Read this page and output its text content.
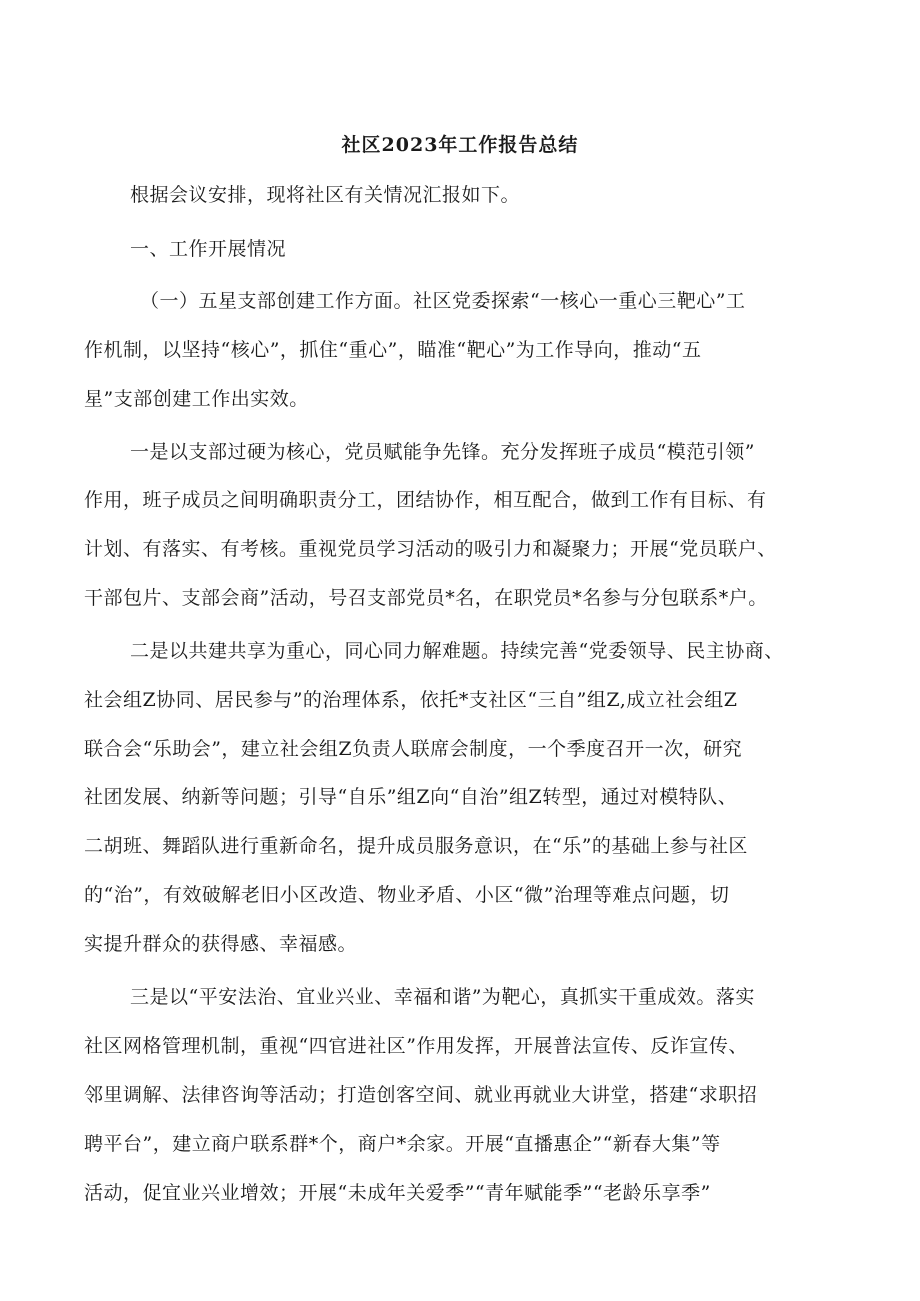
社区2023年工作报告总结
根据会议安排，现将社区有关情况汇报如下。
一、工作开展情况
（一）五星支部创建工作方面。社区党委探索“一核心一重心三靶心”工
作机制，以坚持“核心”，抓住“重心”，瞄准“靶心”为工作导向，推动“五
星”支部创建工作出实效。
一是以支部过硬为核心，党员赋能争先锋。充分发挥班子成员“模范引领”
作用，班子成员之间明确职责分工，团结协作，相互配合，做到工作有目标、有
计划、有落实、有考核。重视党员学习活动的吸引力和凝聚力；开展“党员联户、
干部包片、支部会商”活动，号召支部党员*名，在职党员*名参与分包联系*户。
二是以共建共享为重心，同心同力解难题。持续完善“党委领导、民主协商、
社会组Z协同、居民参与”的治理体系，依托*支社区“三自”组Z,成立社会组Z
联合会“乐助会”，建立社会组Z负责人联席会制度，一个季度召开一次，研究
社团发展、纳新等问题；引导“自乐”组Z向“自治”组Z转型，通过对模特队、
二胡班、舞蹈队进行重新命名，提升成员服务意识，在“乐”的基础上参与社区
的“治”，有效破解老旧小区改造、物业矛盾、小区“微”治理等难点问题，切
实提升群众的获得感、幸福感。
三是以“平安法治、宜业兴业、幸福和谐”为靶心，真抓实干重成效。落实
社区网格管理机制，重视“四官进社区”作用发挥，开展普法宣传、反诈宣传、
邻里调解、法律咨询等活动；打造创客空间、就业再就业大讲堂，搭建“求职招
聘平台”，建立商户联系群*个，商户*余家。开展“直播惠企”“新春大集”等
活动，促宜业兴业增效；开展“未成年关爱季”“青年赋能季”“老龄乐享季”
